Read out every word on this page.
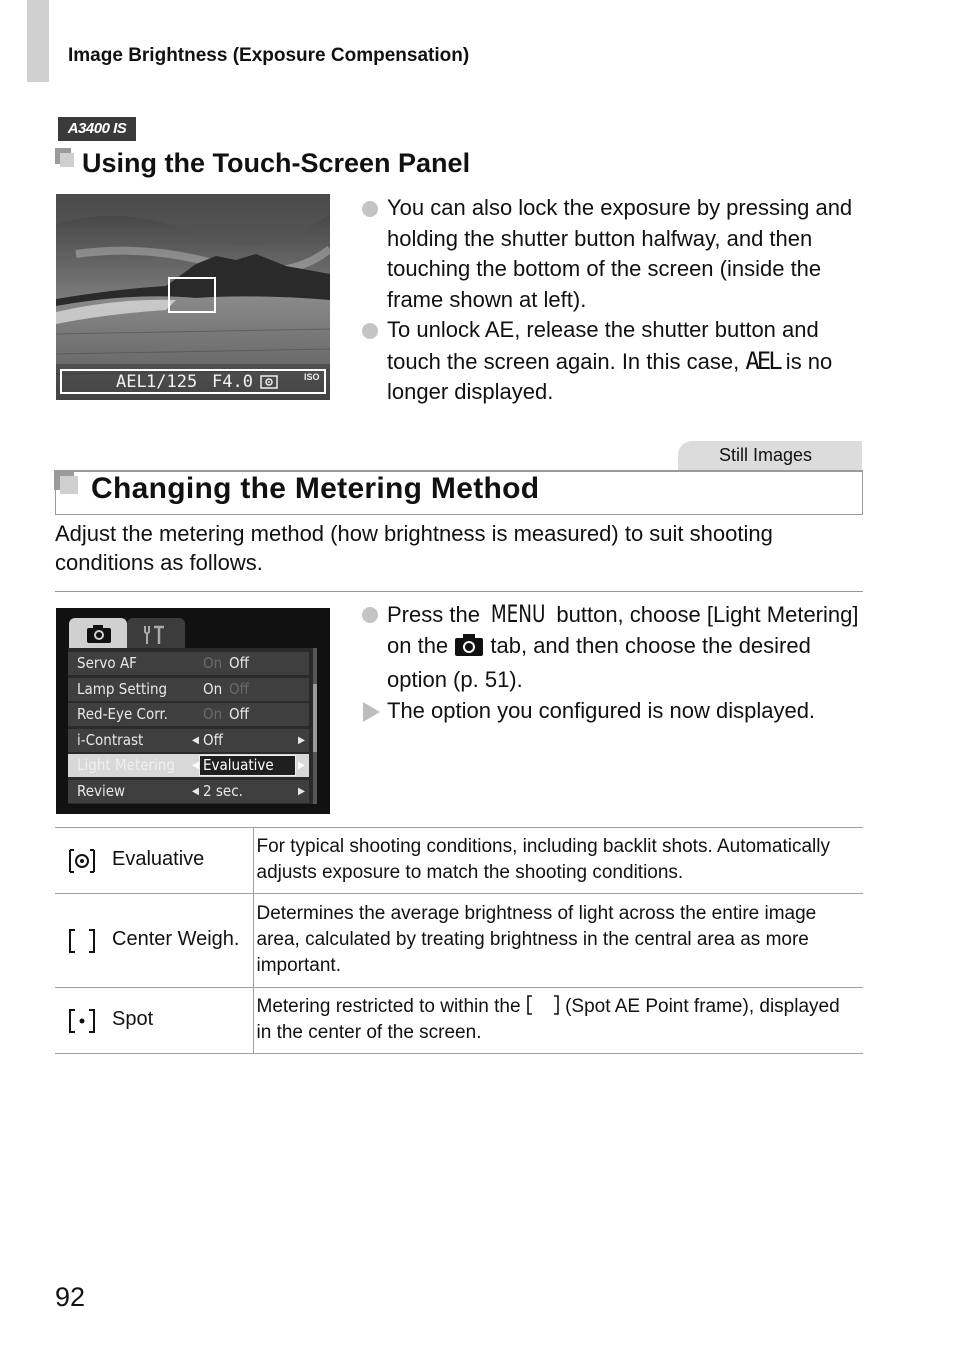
Image Brightness (Exposure Compensation)
A3400 IS
Using the Touch-Screen Panel
AEL 1/125 F4.0	ISO
You can also lock the exposure by pressing and holding the shutter button halfway, and then touching the bottom of the screen (inside the frame shown at left).
To unlock AE, release the shutter button and touch the screen again. In this case, AEL is no longer displayed.
Still Images
Changing the Metering Method
Adjust the metering method (how brightness is measured) to suit shooting conditions as follows.
Servo AF	On Off
Lamp Setting On Off
Red-Eye Corr. On Off
i-Contrast	◀ Off	▶
Light Metering ◀ Evaluative ▶
Review	◀ 2 sec.	▶
Press the MENU button, choose [Light Metering] on the  tab, and then choose the desired option (p. 51).
The option you configured is now displayed.
Evaluative	For typical shooting conditions, including backlit shots. Automatically adjusts exposure to match the shooting conditions.

Center Weigh.	Determines the average brightness of light across the entire image area, calculated by treating brightness in the central area as more important.

Spot	Metering restricted to within the  (Spot AE Point frame), displayed in the center of the screen.
92
